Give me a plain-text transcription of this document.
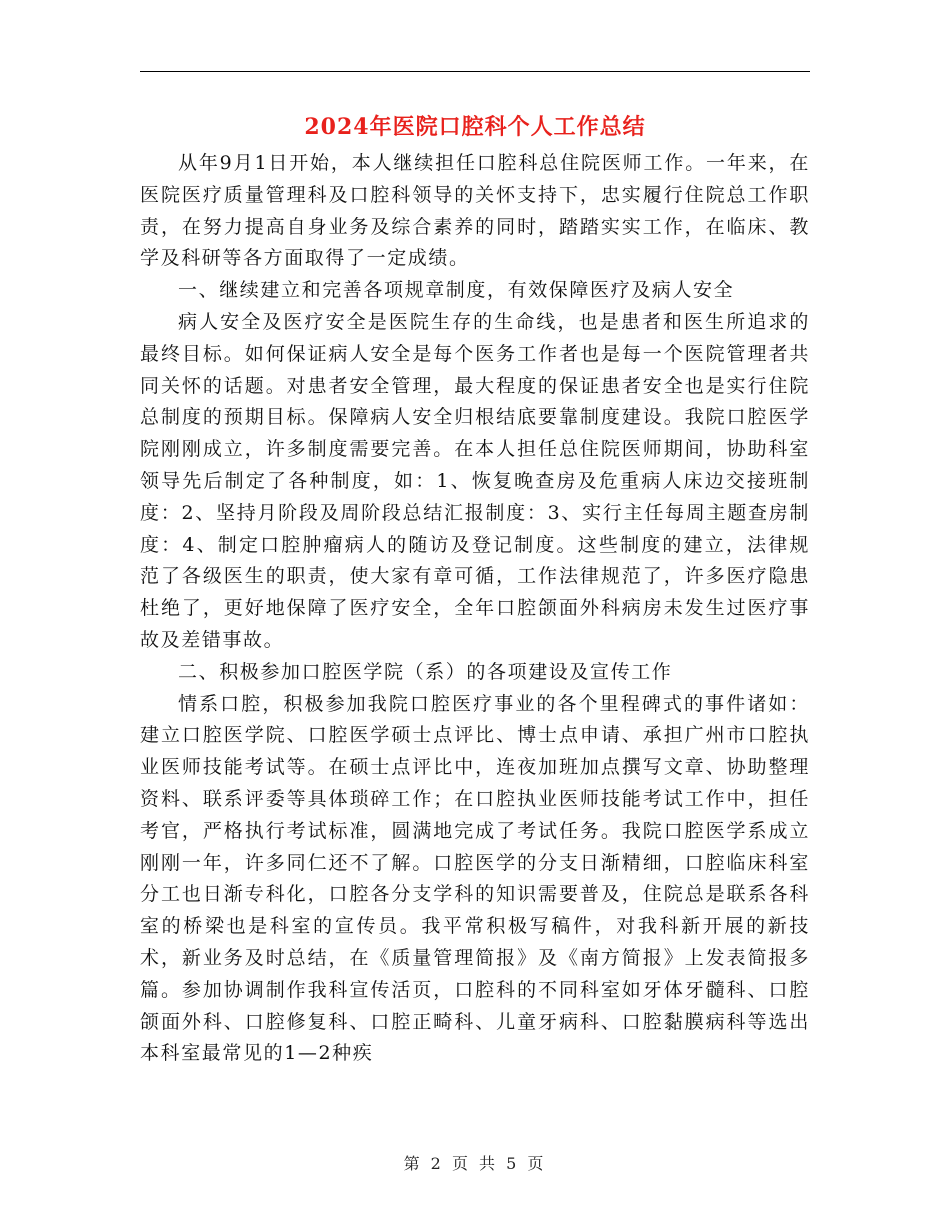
2024年医院口腔科个人工作总结

从年9月1日开始，本人继续担任口腔科总住院医师工作。一年来，在医院医疗质量管理科及口腔科领导的关怀支持下，忠实履行住院总工作职责，在努力提高自身业务及综合素养的同时，踏踏实实工作，在临床、教学及科研等各方面取得了一定成绩。

一、继续建立和完善各项规章制度，有效保障医疗及病人安全

病人安全及医疗安全是医院生存的生命线，也是患者和医生所追求的最终目标。如何保证病人安全是每个医务工作者也是每一个医院管理者共同关怀的话题。对患者安全管理，最大程度的保证患者安全也是实行住院总制度的预期目标。保障病人安全归根结底要靠制度建设。我院口腔医学院刚刚成立，许多制度需要完善。在本人担任总住院医师期间，协助科室领导先后制定了各种制度，如：1、恢复晚查房及危重病人床边交接班制度：2、坚持月阶段及周阶段总结汇报制度：3、实行主任每周主题查房制度：4、制定口腔肿瘤病人的随访及登记制度。这些制度的建立，法律规范了各级医生的职责，使大家有章可循，工作法律规范了，许多医疗隐患杜绝了，更好地保障了医疗安全，全年口腔颌面外科病房未发生过医疗事故及差错事故。

二、积极参加口腔医学院（系）的各项建设及宣传工作

情系口腔，积极参加我院口腔医疗事业的各个里程碑式的事件诸如：建立口腔医学院、口腔医学硕士点评比、博士点申请、承担广州市口腔执业医师技能考试等。在硕士点评比中，连夜加班加点撰写文章、协助整理资料、联系评委等具体琐碎工作；在口腔执业医师技能考试工作中，担任考官，严格执行考试标准，圆满地完成了考试任务。我院口腔医学系成立刚刚一年，许多同仁还不了解。口腔医学的分支日渐精细，口腔临床科室分工也日渐专科化，口腔各分支学科的知识需要普及，住院总是联系各科室的桥梁也是科室的宣传员。我平常积极写稿件，对我科新开展的新技术，新业务及时总结，在《质量管理简报》及《南方简报》上发表简报多篇。参加协调制作我科宣传活页，口腔科的不同科室如牙体牙髓科、口腔颌面外科、口腔修复科、口腔正畸科、儿童牙病科、口腔黏膜病科等选出本科室最常见的1—2种疾

第 2 页 共 5 页
